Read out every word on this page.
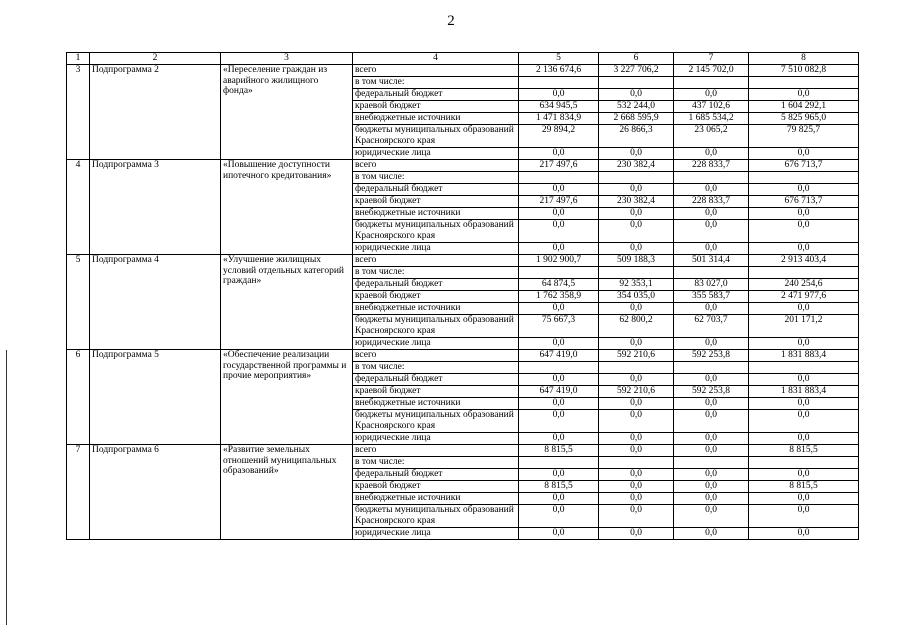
2
1	2	3	4	5	6	7	8
3	Подпрограмма 2	«Переселение граждан из аварийного жилищного фонда»	всего	2 136 674,6	3 227 706,2	2 145 702,0	7 510 082,8
			в том числе:				
			федеральный бюджет	0,0	0,0	0,0	0,0
			краевой бюджет	634 945,5	532 244,0	437 102,6	1 604 292,1
			внебюджетные источники	1 471 834,9	2 668 595,9	1 685 534,2	5 825 965,0
			бюджеты муниципальных образований Красноярского края	29 894,2	26 866,3	23 065,2	79 825,7
			юридические лица	0,0	0,0	0,0	0,0
4	Подпрограмма 3	«Повышение доступности ипотечного кредитования»	всего	217 497,6	230 382,4	228 833,7	676 713,7
			в том числе:				
			федеральный бюджет	0,0	0,0	0,0	0,0
			краевой бюджет	217 497,6	230 382,4	228 833,7	676 713,7
			внебюджетные источники	0,0	0,0	0,0	0,0
			бюджеты муниципальных образований Красноярского края	0,0	0,0	0,0	0,0
			юридические лица	0,0	0,0	0,0	0,0
5	Подпрограмма 4	«Улучшение жилищных условий отдельных категорий граждан»	всего	1 902 900,7	509 188,3	501 314,4	2 913 403,4
			в том числе:				
			федеральный бюджет	64 874,5	92 353,1	83 027,0	240 254,6
			краевой бюджет	1 762 358,9	354 035,0	355 583,7	2 471 977,6
			внебюджетные источники	0,0	0,0	0,0	0,0
			бюджеты муниципальных образований Красноярского края	75 667,3	62 800,2	62 703,7	201 171,2
			юридические лица	0,0	0,0	0,0	0,0
6	Подпрограмма 5	«Обеспечение реализации государственной программы и прочие мероприятия»	всего	647 419,0	592 210,6	592 253,8	1 831 883,4
			в том числе:				
			федеральный бюджет	0,0	0,0	0,0	0,0
			краевой бюджет	647 419,0	592 210,6	592 253,8	1 831 883,4
			внебюджетные источники	0,0	0,0	0,0	0,0
			бюджеты муниципальных образований Красноярского края	0,0	0,0	0,0	0,0
			юридические лица	0,0	0,0	0,0	0,0
7	Подпрограмма 6	«Развитие земельных отношений муниципальных образований»	всего	8 815,5	0,0	0,0	8 815,5
			в том числе:				
			федеральный бюджет	0,0	0,0	0,0	0,0
			краевой бюджет	8 815,5	0,0	0,0	8 815,5
			внебюджетные источники	0,0	0,0	0,0	0,0
			бюджеты муниципальных образований Красноярского края	0,0	0,0	0,0	0,0
			юридические лица	0,0	0,0	0,0	0,0
